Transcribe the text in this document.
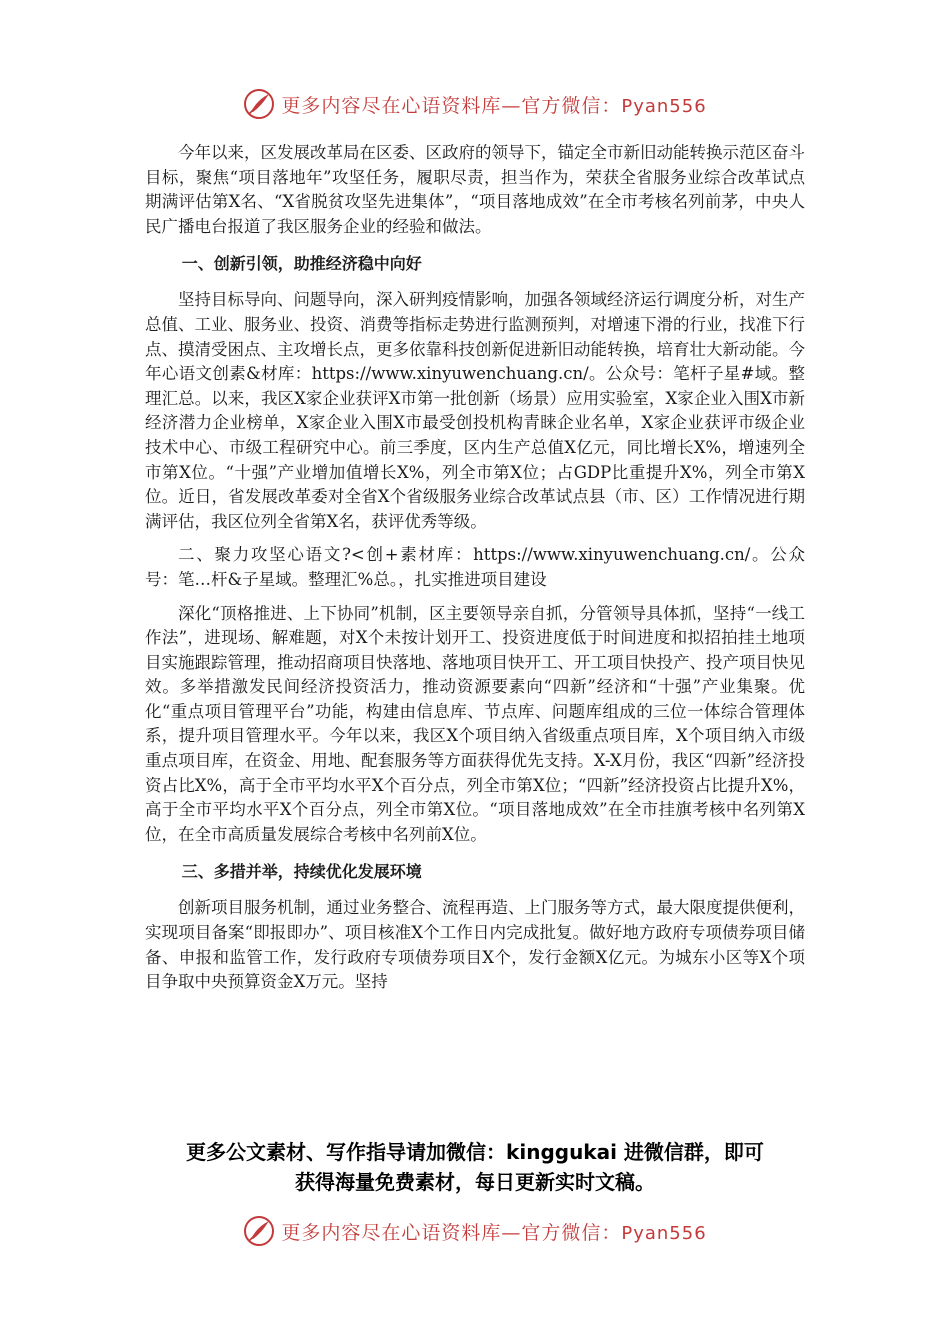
更多内容尽在心语资料库—官方微信：Pyan556

今年以来，区发展改革局在区委、区政府的领导下，锚定全市新旧动能转换示范区奋斗目标，聚焦“项目落地年”攻坚任务，履职尽责，担当作为，荣获全省服务业综合改革试点期满评估第X名、“X省脱贫攻坚先进集体”，“项目落地成效”在全市考核名列前茅，中央人民广播电台报道了我区服务企业的经验和做法。

一、创新引领，助推经济稳中向好

坚持目标导向、问题导向，深入研判疫情影响，加强各领域经济运行调度分析，对生产总值、工业、服务业、投资、消费等指标走势进行监测预判，对增速下滑的行业，找准下行点、摸清受困点、主攻增长点，更多依靠科技创新促进新旧动能转换，培育壮大新动能。今年心语文创素&材库：https://www.xinyuwenchuang.cn/。公众号：笔杆子星#域。整理汇总。以来，我区X家企业获评X市第一批创新（场景）应用实验室，X家企业入围X市新经济潜力企业榜单，X家企业入围X市最受创投机构青睐企业名单，X家企业获评市级企业技术中心、市级工程研究中心。前三季度，区内生产总值X亿元，同比增长X%，增速列全市第X位。“十强”产业增加值增长X%，列全市第X位；占GDP比重提升X%，列全市第X位。近日，省发展改革委对全省X个省级服务业综合改革试点县（市、区）工作情况进行期满评估，我区位列全省第X名，获评优秀等级。

二、聚力攻坚心语文?<创+素材库：https://www.xinyuwenchuang.cn/。公众号：笔…杆&子星域。整理汇%总。，扎实推进项目建设

深化“顶格推进、上下协同”机制，区主要领导亲自抓，分管领导具体抓，坚持“一线工作法”，进现场、解难题，对X个未按计划开工、投资进度低于时间进度和拟招拍挂土地项目实施跟踪管理，推动招商项目快落地、落地项目快开工、开工项目快投产、投产项目快见效。多举措激发民间经济投资活力，推动资源要素向“四新”经济和“十强”产业集聚。优化“重点项目管理平台”功能，构建由信息库、节点库、问题库组成的三位一体综合管理体系，提升项目管理水平。今年以来，我区X个项目纳入省级重点项目库，X个项目纳入市级重点项目库，在资金、用地、配套服务等方面获得优先支持。X-X月份，我区“四新”经济投资占比X%，高于全市平均水平X个百分点，列全市第X位；“四新”经济投资占比提升X%，高于全市平均水平X个百分点，列全市第X位。“项目落地成效”在全市挂旗考核中名列第X位，在全市高质量发展综合考核中名列前X位。

三、多措并举，持续优化发展环境

创新项目服务机制，通过业务整合、流程再造、上门服务等方式，最大限度提供便利，实现项目备案“即报即办”、项目核准X个工作日内完成批复。做好地方政府专项债券项目储备、申报和监管工作，发行政府专项债券项目X个，发行金额X亿元。为城东小区等X个项目争取中央预算资金X万元。坚持

更多公文素材、写作指导请加微信：kinggukai 进微信群，即可
获得海量免费素材，每日更新实时文稿。
更多内容尽在心语资料库—官方微信：Pyan556
